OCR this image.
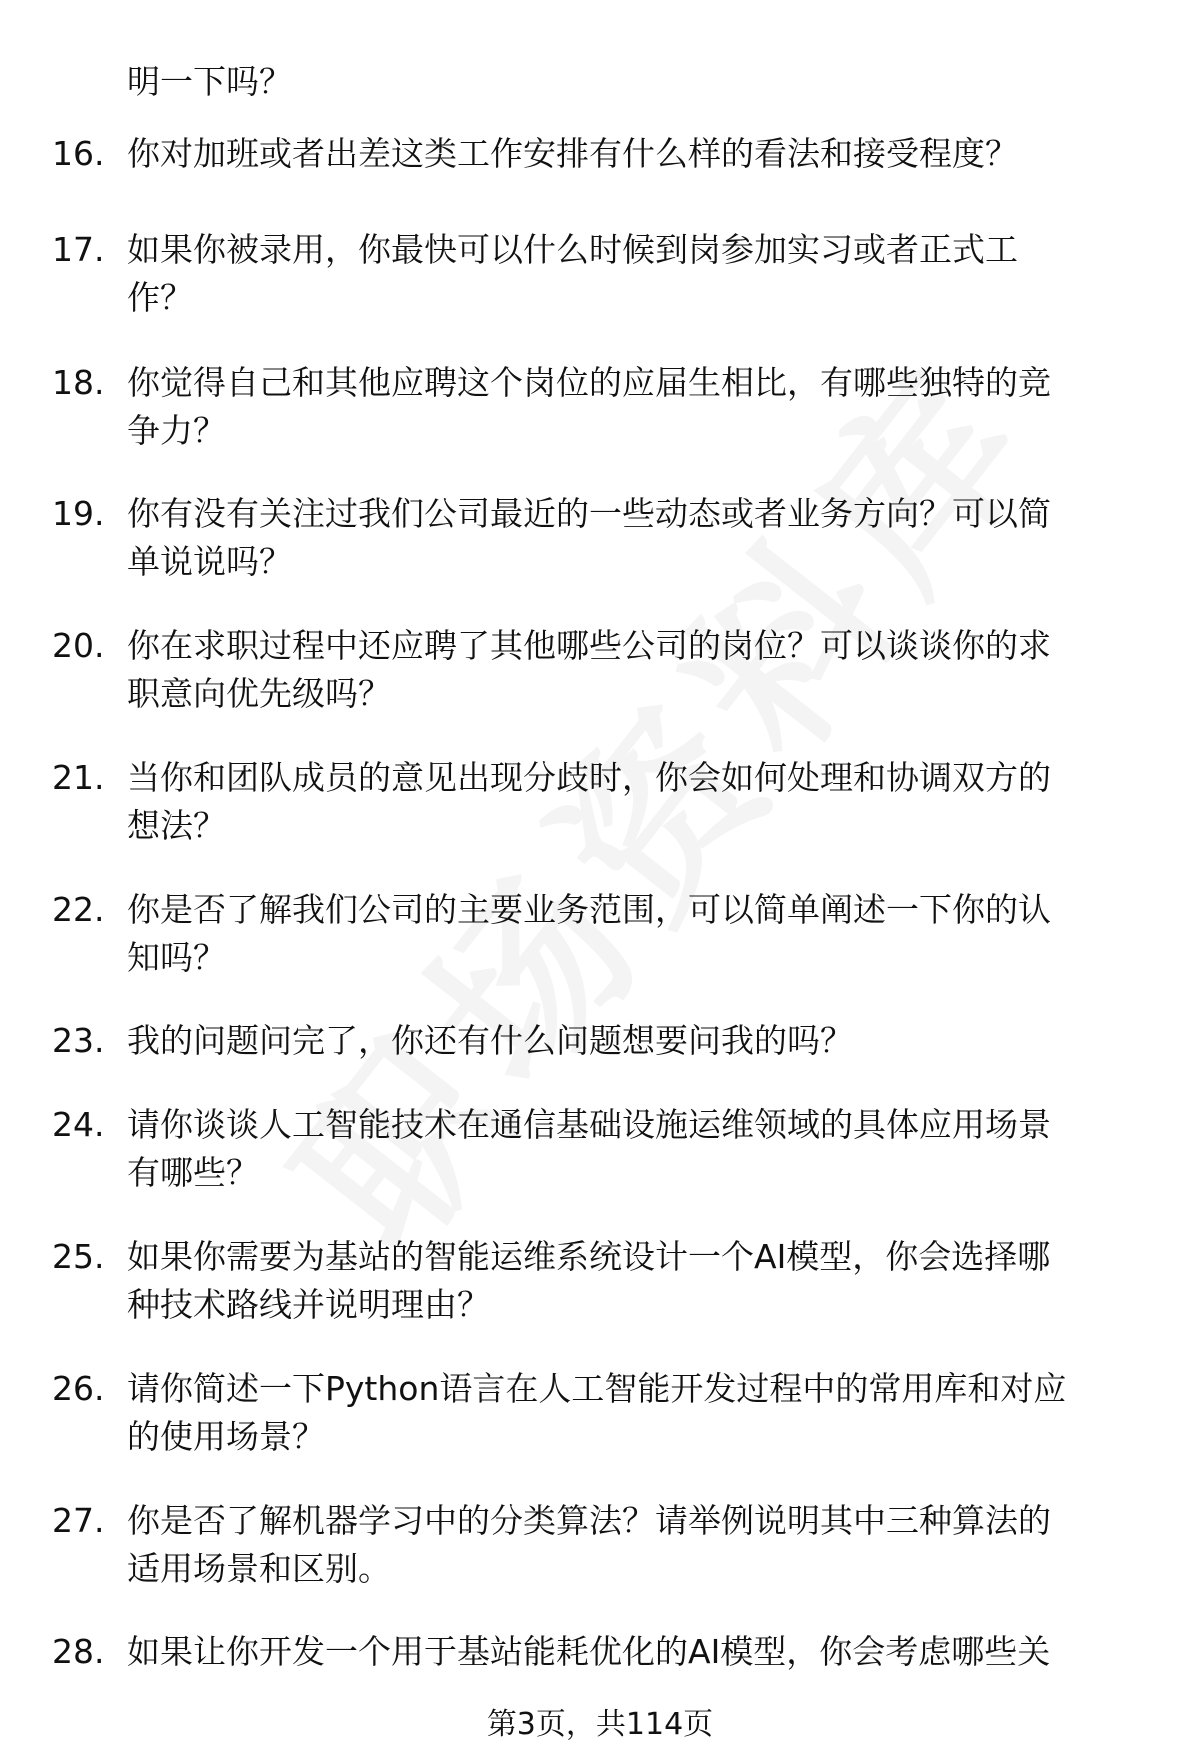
明一下吗？
16. 你对加班或者出差这类工作安排有什么样的看法和接受程度？
17. 如果你被录用，你最快可以什么时候到岗参加实习或者正式工
作？
18. 你觉得自己和其他应聘这个岗位的应届生相比，有哪些独特的竞
争力？
19. 你有没有关注过我们公司最近的一些动态或者业务方向？可以简
单说说吗？
20. 你在求职过程中还应聘了其他哪些公司的岗位？可以谈谈你的求
职意向优先级吗？
21. 当你和团队成员的意见出现分歧时，你会如何处理和协调双方的
想法？
22. 你是否了解我们公司的主要业务范围，可以简单阐述一下你的认
知吗？
23. 我的问题问完了，你还有什么问题想要问我的吗？
24. 请你谈谈人工智能技术在通信基础设施运维领域的具体应用场景
有哪些？
25. 如果你需要为基站的智能运维系统设计一个AI模型，你会选择哪
种技术路线并说明理由？
26. 请你简述一下Python语言在人工智能开发过程中的常用库和对应
的使用场景？
27. 你是否了解机器学习中的分类算法？请举例说明其中三种算法的
适用场景和区别。
28. 如果让你开发一个用于基站能耗优化的AI模型，你会考虑哪些关
第3页，共114页
